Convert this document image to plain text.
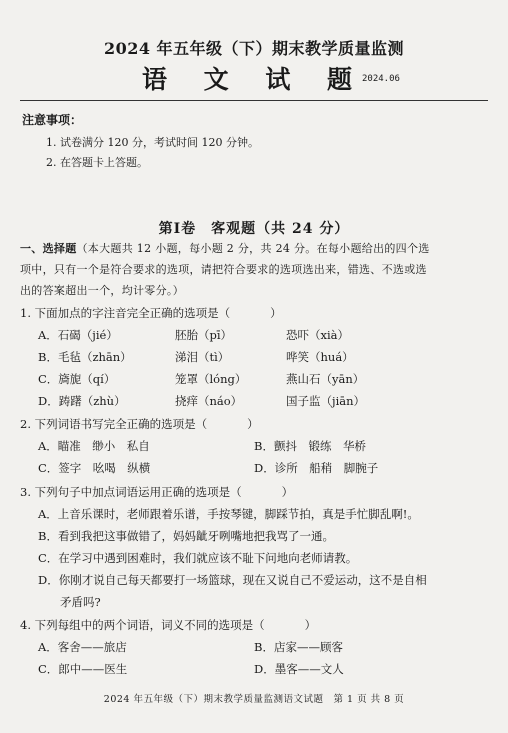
2024 年五年级（下）期末教学质量监测
语 文 试 题
2024.06
注意事项：
1. 试卷满分 120 分，考试时间 120 分钟。
2. 在答题卡上答题。
第Ⅰ卷　客观题（共 24 分）
一、选择题（本大题共 12 小题，每小题 2 分，共 24 分。在每小题给出的四个选
项中，只有一个是符合要求的选项，请把符合要求的选项选出来，错选、不选或选
出的答案超出一个，均计零分。）
1. 下面加点的字注音完全正确的选项是（	）
A．石碣（jié）	胚胎（pī）	恐吓（xià）
B．毛毡（zhān）	涕泪（tì）	哗笑（huá）
C．旖旎（qí）	笼罩（lóng）	燕山石（yān）
D．踌躇（zhù）	挠痒（náo）	国子监（jiān）
2. 下列词语书写完全正确的选项是（	）
A．瞄准　缈小　私自	B．颤抖　锻练　华桥
C．签字　吆喝　纵横	D．诊所　船稍　脚腕子
3. 下列句子中加点词语运用正确的选项是（	）
A．上音乐课时，老师跟着乐谱，手按琴键，脚踩节拍，真是手忙脚乱啊!。
B．看到我把这事做错了，妈妈龇牙咧嘴地把我骂了一通。
C．在学习中遇到困难时，我们就应该不耻下问地向老师请教。
D．你刚才说自己每天都要打一场篮球，现在又说自己不爱运动，这不是自相
矛盾吗?
4. 下列每组中的两个词语，词义不同的选项是（	）
A．客舍——旅店	B．店家——顾客
C．郎中——医生	D．墨客——文人
2024 年五年级（下）期末教学质量监测语文试题　第 1 页 共 8 页
